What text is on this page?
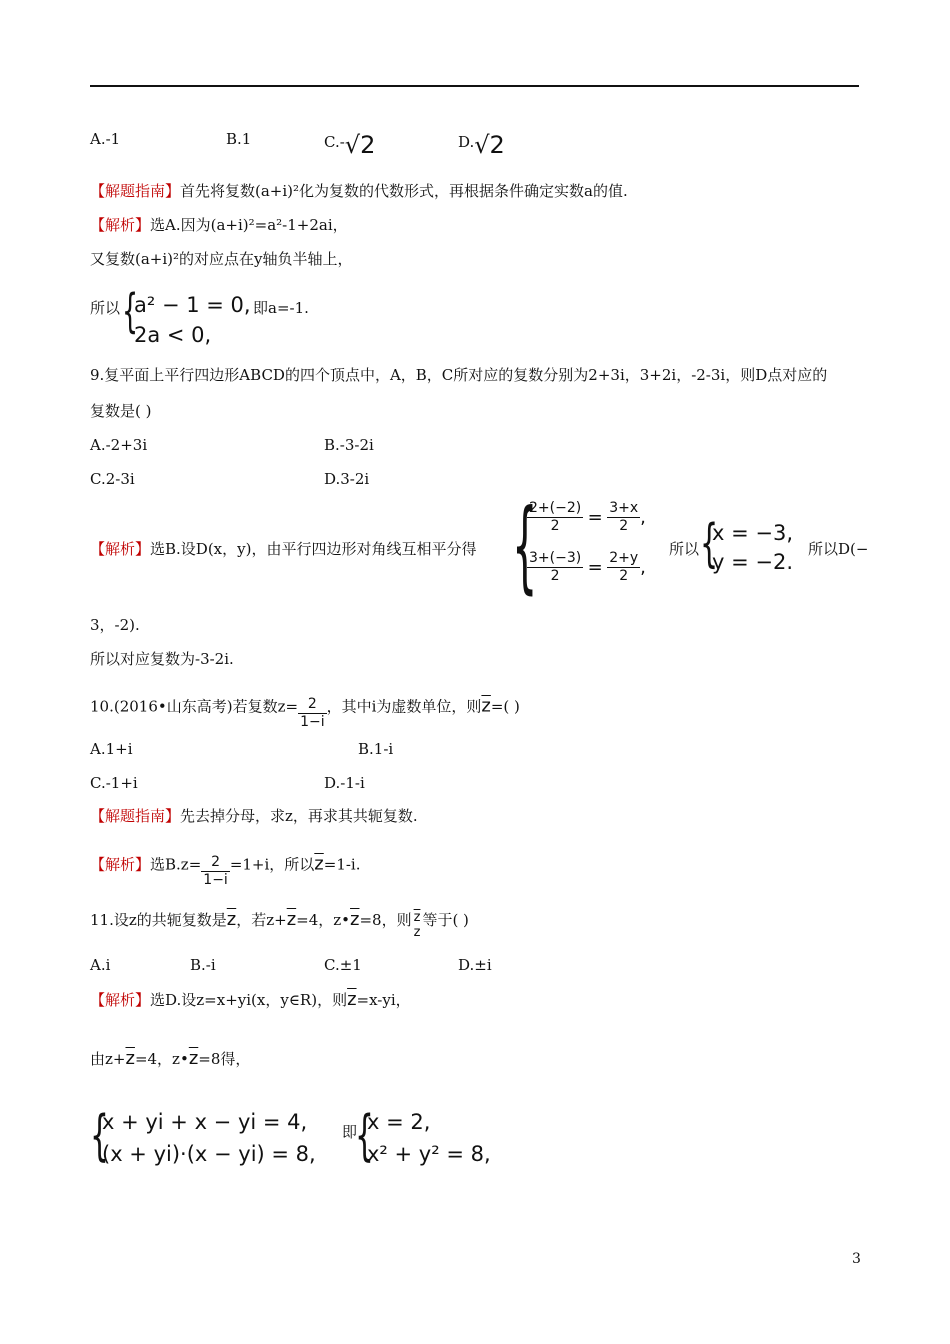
A.-1	B.1	C.-√2	D.√2
【解题指南】首先将复数(a+i)²化为复数的代数形式，再根据条件确定实数a的值.
【解析】选A.因为(a+i)²=a²-1+2ai，
又复数(a+i)²的对应点在y轴负半轴上，
所以 {
a² − 1 = 0,
2a < 0,
即a=-1.
9.复平面上平行四边形ABCD的四个顶点中，A，B，C所对应的复数分别为2+3i，3+2i，-2-3i，则D点对应的
复数是( )
A.-2+3i	B.-3-2i
C.2-3i	D.3-2i
【解析】选B.设D(x，y)，由平行四边形对角线互相平分得 {
$\frac{2+(-2)}{2} = \frac{3+x}{2}$ ,
$\frac{3+(-3)}{2} = \frac{2+y}{2}$ ,
所以 {
x = −3,
y = −2.
所以D(−
3，-2).
所以对应复数为-3-2i.
10.(2016•山东高考)若复数$z= \frac{2}{1-i}$ ，其中i为虚数单位，则$\overline{z}=$( )
A.1+i	B.1-i
C.-1+i	D.-1-i
【解题指南】先去掉分母，求z，再求其共轭复数.
【解析】选$B.z= \frac{2}{1-i} =1+i$，所以$\overline{z}=1-i$.
11.设z的共轭复数是$\overline{z}$，若$z+\overline{z}=4$，$z•\overline{z}=8$，则 $\overline{z}$
z
等于( )
A.i	B.-i	C.±1	D.±i
【解析】选D.设z=x+yi(x，y∈R)，则$\overline{z}=x-yi$，
由$z+\overline{z}=4$，$z•\overline{z}=8$得，
{
x + yi + x − yi = 4,
(x + yi)·(x − yi) = 8,
即
{
x = 2,
x² + y² = 8,
3
